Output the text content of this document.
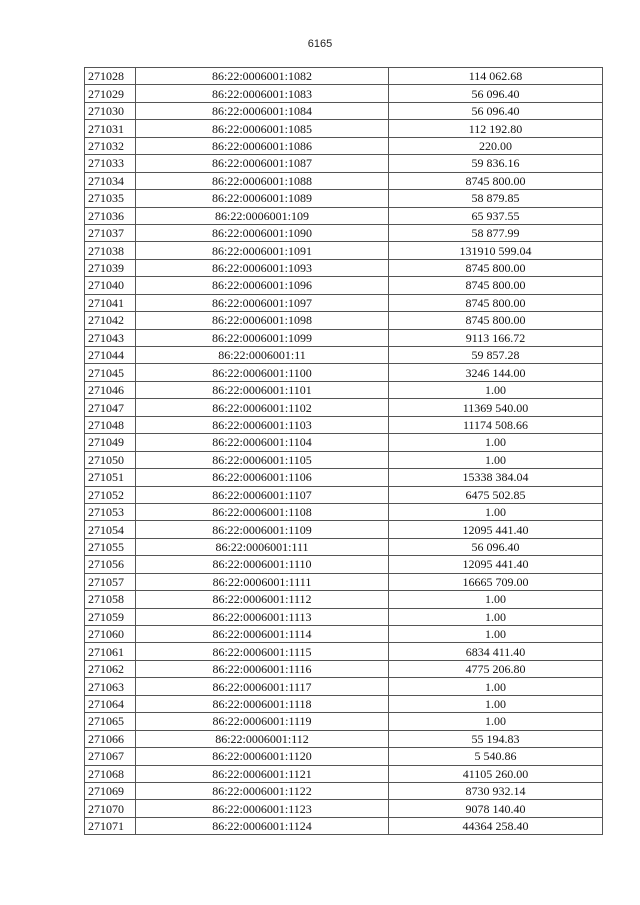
6165
271028	86:22:0006001:1082	114 062.68
271029	86:22:0006001:1083	56 096.40
271030	86:22:0006001:1084	56 096.40
271031	86:22:0006001:1085	112 192.80
271032	86:22:0006001:1086	220.00
271033	86:22:0006001:1087	59 836.16
271034	86:22:0006001:1088	8745 800.00
271035	86:22:0006001:1089	58 879.85
271036	86:22:0006001:109	65 937.55
271037	86:22:0006001:1090	58 877.99
271038	86:22:0006001:1091	131910 599.04
271039	86:22:0006001:1093	8745 800.00
271040	86:22:0006001:1096	8745 800.00
271041	86:22:0006001:1097	8745 800.00
271042	86:22:0006001:1098	8745 800.00
271043	86:22:0006001:1099	9113 166.72
271044	86:22:0006001:11	59 857.28
271045	86:22:0006001:1100	3246 144.00
271046	86:22:0006001:1101	1.00
271047	86:22:0006001:1102	11369 540.00
271048	86:22:0006001:1103	11174 508.66
271049	86:22:0006001:1104	1.00
271050	86:22:0006001:1105	1.00
271051	86:22:0006001:1106	15338 384.04
271052	86:22:0006001:1107	6475 502.85
271053	86:22:0006001:1108	1.00
271054	86:22:0006001:1109	12095 441.40
271055	86:22:0006001:111	56 096.40
271056	86:22:0006001:1110	12095 441.40
271057	86:22:0006001:1111	16665 709.00
271058	86:22:0006001:1112	1.00
271059	86:22:0006001:1113	1.00
271060	86:22:0006001:1114	1.00
271061	86:22:0006001:1115	6834 411.40
271062	86:22:0006001:1116	4775 206.80
271063	86:22:0006001:1117	1.00
271064	86:22:0006001:1118	1.00
271065	86:22:0006001:1119	1.00
271066	86:22:0006001:112	55 194.83
271067	86:22:0006001:1120	5 540.86
271068	86:22:0006001:1121	41105 260.00
271069	86:22:0006001:1122	8730 932.14
271070	86:22:0006001:1123	9078 140.40
271071	86:22:0006001:1124	44364 258.40
